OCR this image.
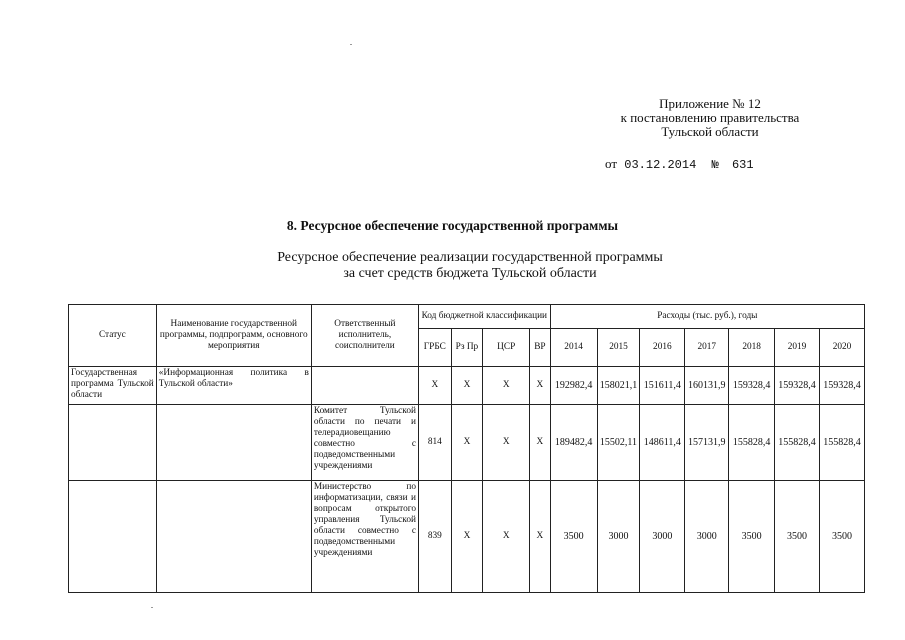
Приложение № 12
к постановлению правительства
Тульской области
от 03.12.2014 № 631
8. Ресурсное обеспечение государственной программы
Ресурсное обеспечение реализации государственной программы
за счет средств бюджета Тульской области
Статус	Наименование государственной программы, подпрограмм, основного мероприятия	Ответственный исполнитель, соисполнители	Код бюджетной классификации				Расходы (тыс. руб.), годы						
			ГРБС	Рз Пр	ЦСР	ВР	2014	2015	2016	2017	2018	2019	2020
Государственная программа Тульской области	«Информационная политика в Тульской области»		X	X	X	X	192982,4	158021,1	151611,4	160131,9	159328,4	159328,4	159328,4
		Комитет Тульской области по печати и телерадиовещанию совместно с подведомственными учреждениями	814	X	X	X	189482,4	15502,11	148611,4	157131,9	155828,4	155828,4	155828,4
		Министерство по информатизации, связи и вопросам открытого управления Тульской области совместно с подведомственными учреждениями	839	X	X	X	3500	3000	3000	3000	3500	3500	3500
